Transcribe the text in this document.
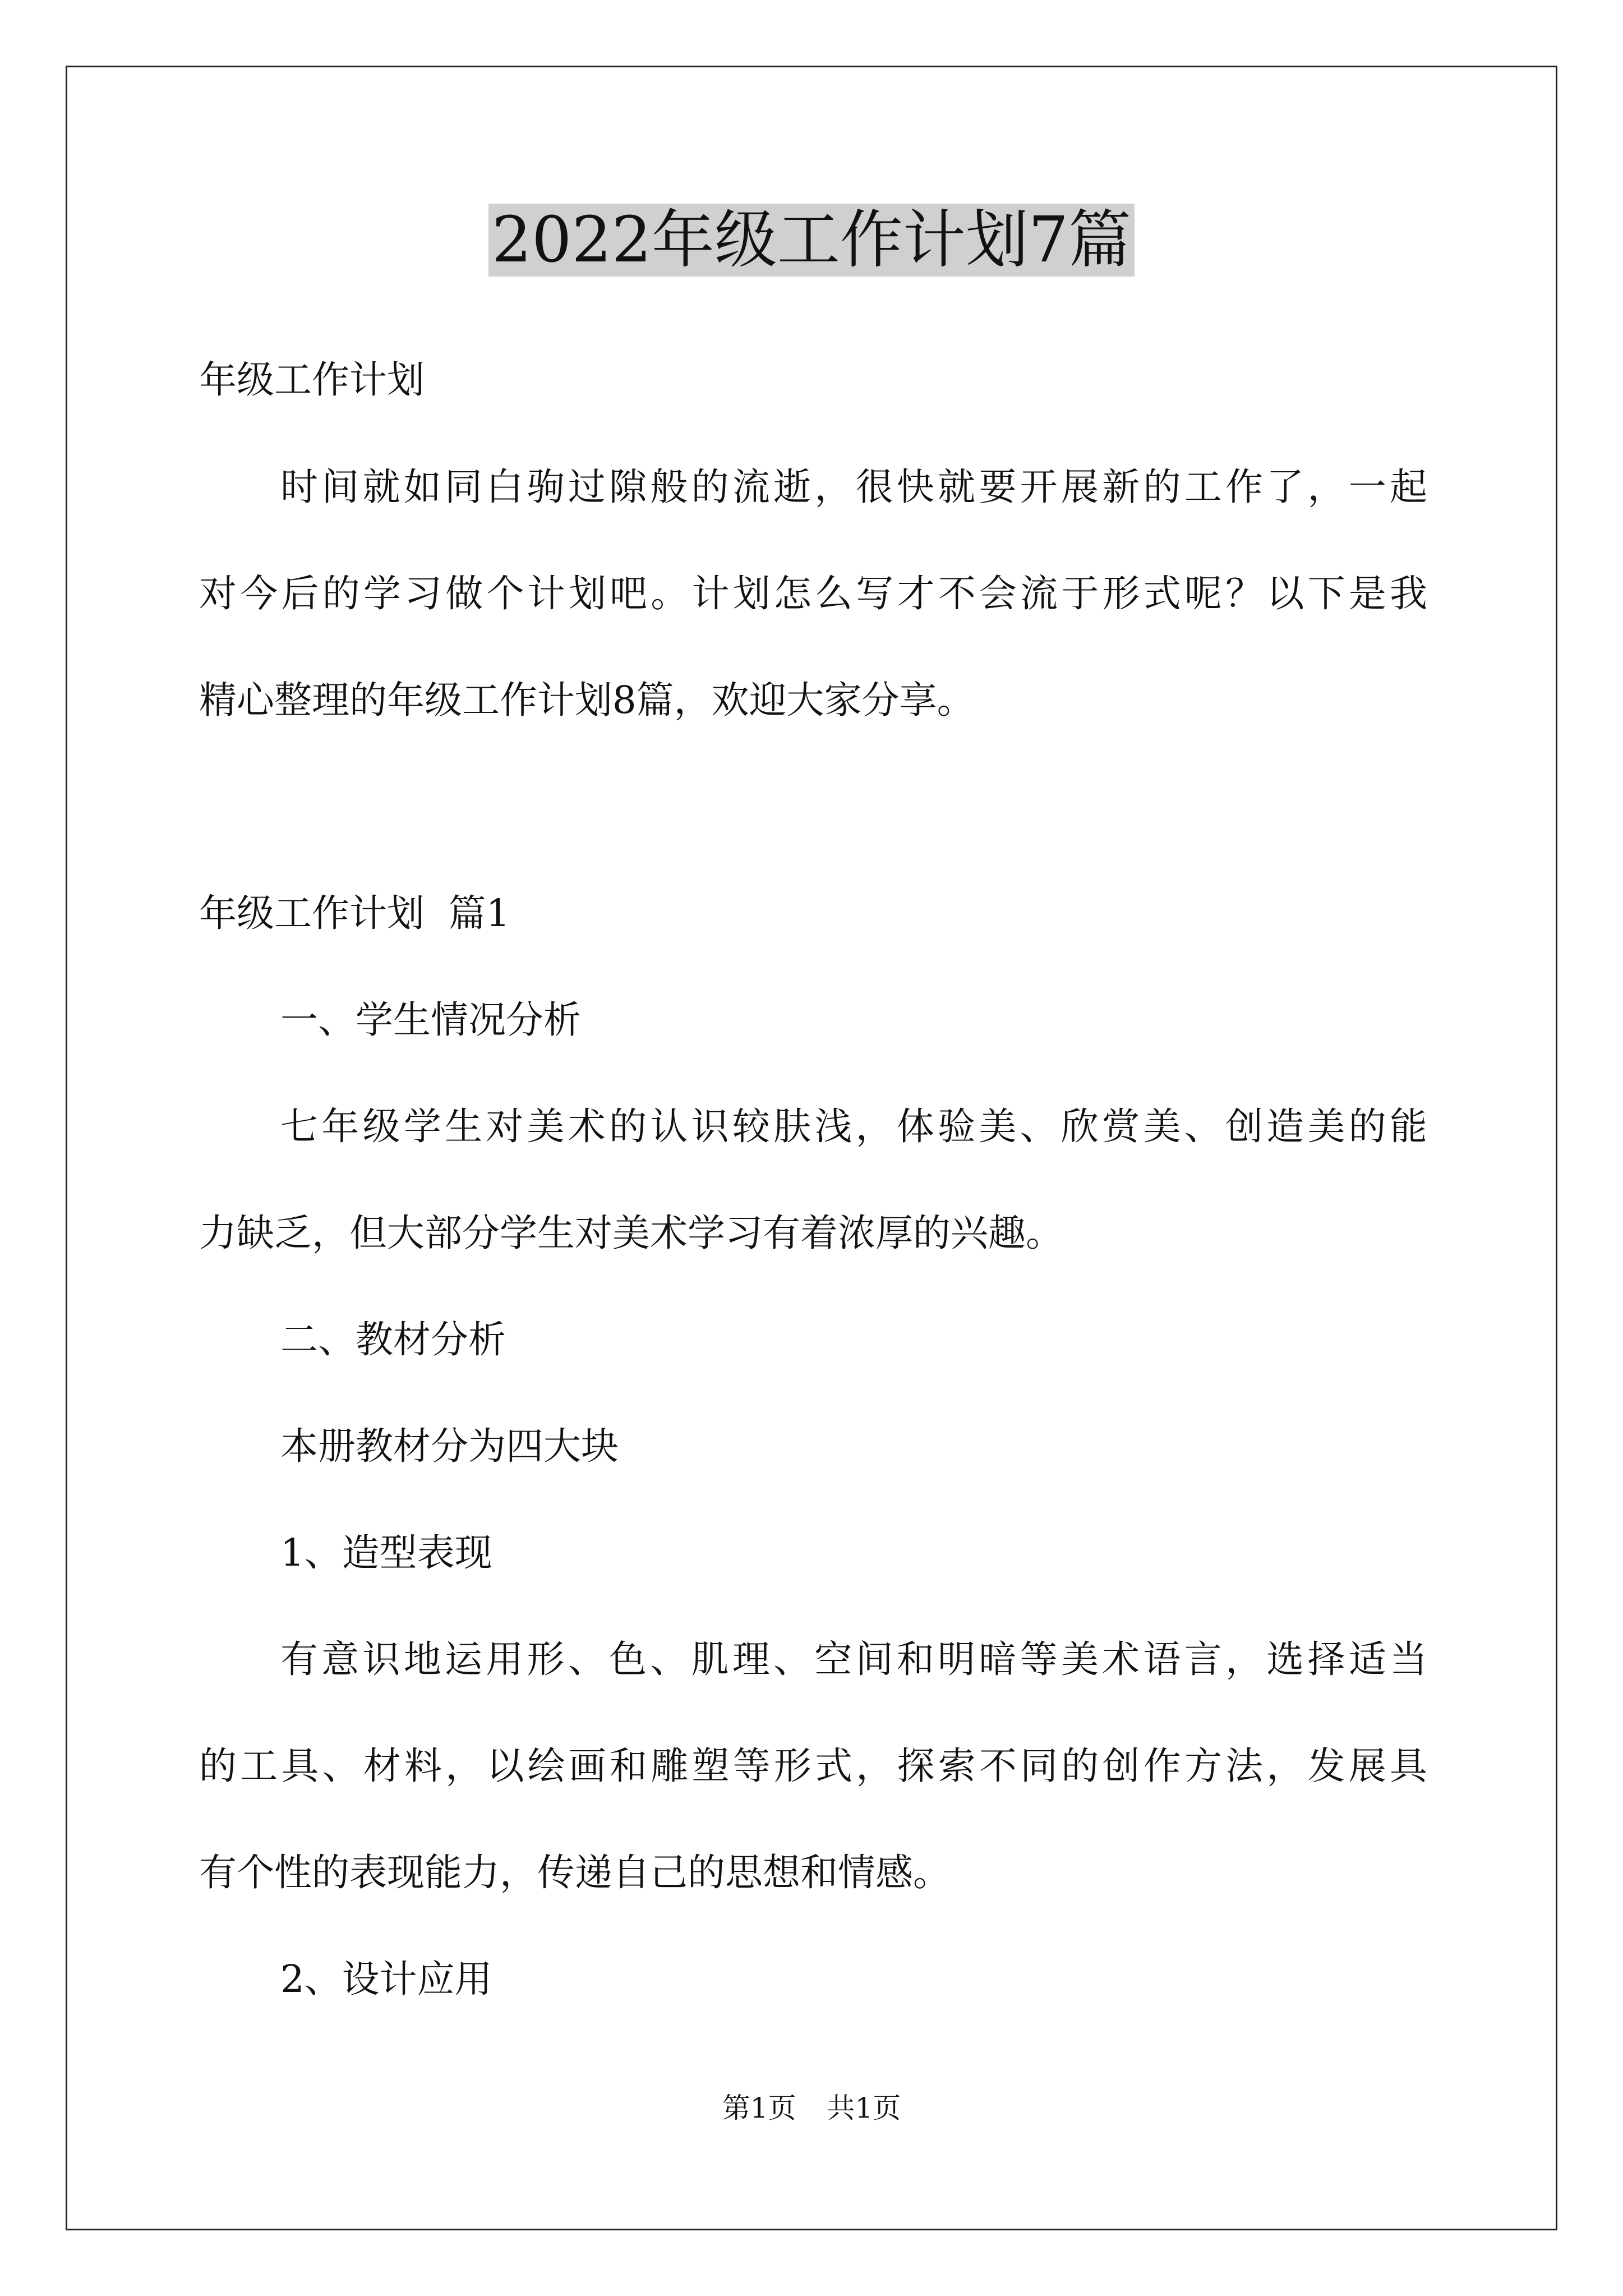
2022年级工作计划7篇

年级工作计划

时间就如同白驹过隙般的流逝，很快就要开展新的工作了，一起

对今后的学习做个计划吧。计划怎么写才不会流于形式呢？以下是我

精心整理的年级工作计划8篇，欢迎大家分享。

年级工作计划  篇1

一、学生情况分析

七年级学生对美术的认识较肤浅，体验美、欣赏美、创造美的能

力缺乏，但大部分学生对美术学习有着浓厚的兴趣。

二、教材分析

本册教材分为四大块

1、造型表现

有意识地运用形、色、肌理、空间和明暗等美术语言，选择适当

的工具、材料，以绘画和雕塑等形式，探索不同的创作方法，发展具

有个性的表现能力，传递自己的思想和情感。

2、设计应用

第1页 共1页
